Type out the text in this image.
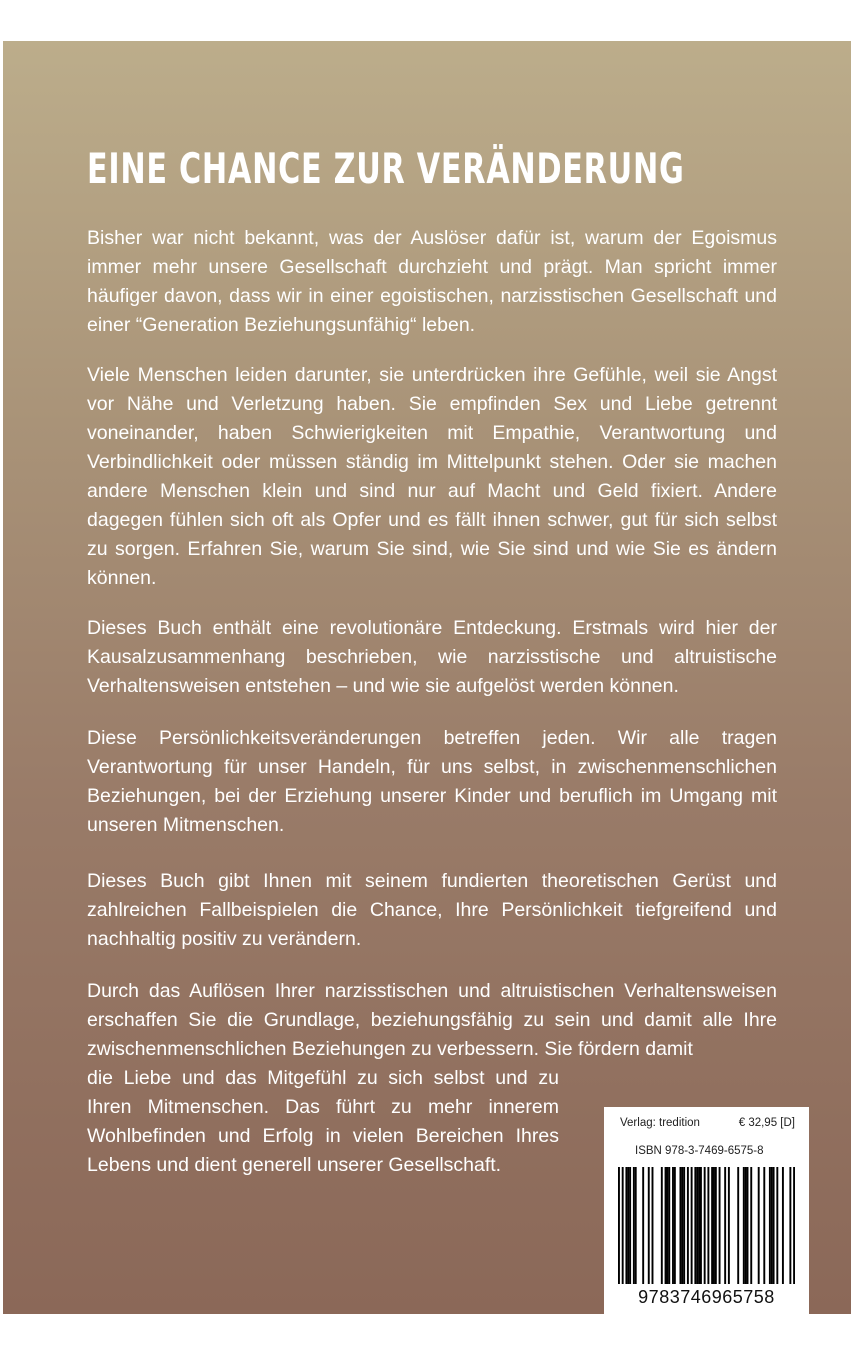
EINE CHANCE ZUR VERÄNDERUNG

Bisher war nicht bekannt, was der Auslöser dafür ist, warum der Egoismus immer mehr unsere Gesellschaft durchzieht und prägt. Man spricht immer häufiger davon, dass wir in einer egoistischen, narzisstischen Gesellschaft und einer “Generation Beziehungsunfähig“ leben.

Viele Menschen leiden darunter, sie unterdrücken ihre Gefühle, weil sie Angst vor Nähe und Verletzung haben. Sie empfinden Sex und Liebe getrennt voneinander, haben Schwierigkeiten mit Empathie, Verantwortung und Verbindlichkeit oder müssen ständig im Mittelpunkt stehen. Oder sie machen andere Menschen klein und sind nur auf Macht und Geld fixiert. Andere dagegen fühlen sich oft als Opfer und es fällt ihnen schwer, gut für sich selbst zu sorgen. Erfahren Sie, warum Sie sind, wie Sie sind und wie Sie es ändern können.

Dieses Buch enthält eine revolutionäre Entdeckung. Erstmals wird hier der Kausalzusammenhang beschrieben, wie narzisstische und altruistische Verhaltensweisen entstehen – und wie sie aufgelöst werden können.

Diese Persönlichkeitsveränderungen betreffen jeden. Wir alle tragen Verantwortung für unser Handeln, für uns selbst, in zwischenmenschlichen Beziehungen, bei der Erziehung unserer Kinder und beruflich im Umgang mit unseren Mitmenschen.

Dieses Buch gibt Ihnen mit seinem fundierten theoretischen Gerüst und zahlreichen Fallbeispielen die Chance, Ihre Persönlichkeit tiefgreifend und nachhaltig positiv zu verändern.

Durch das Auflösen Ihrer narzisstischen und altruistischen Verhaltensweisen erschaffen Sie die Grundlage, beziehungsfähig zu sein und damit alle Ihre zwischenmenschlichen Beziehungen zu verbessern. Sie fördern damit

die Liebe und das Mitgefühl zu sich selbst und zu Ihren Mitmenschen. Das führt zu mehr innerem Wohlbefinden und Erfolg in vielen Bereichen Ihres Lebens und dient generell unserer Gesellschaft.

Verlag: tredition	€ 32,95 [D]
ISBN 978-3-7469-6575-8
9783746965758
